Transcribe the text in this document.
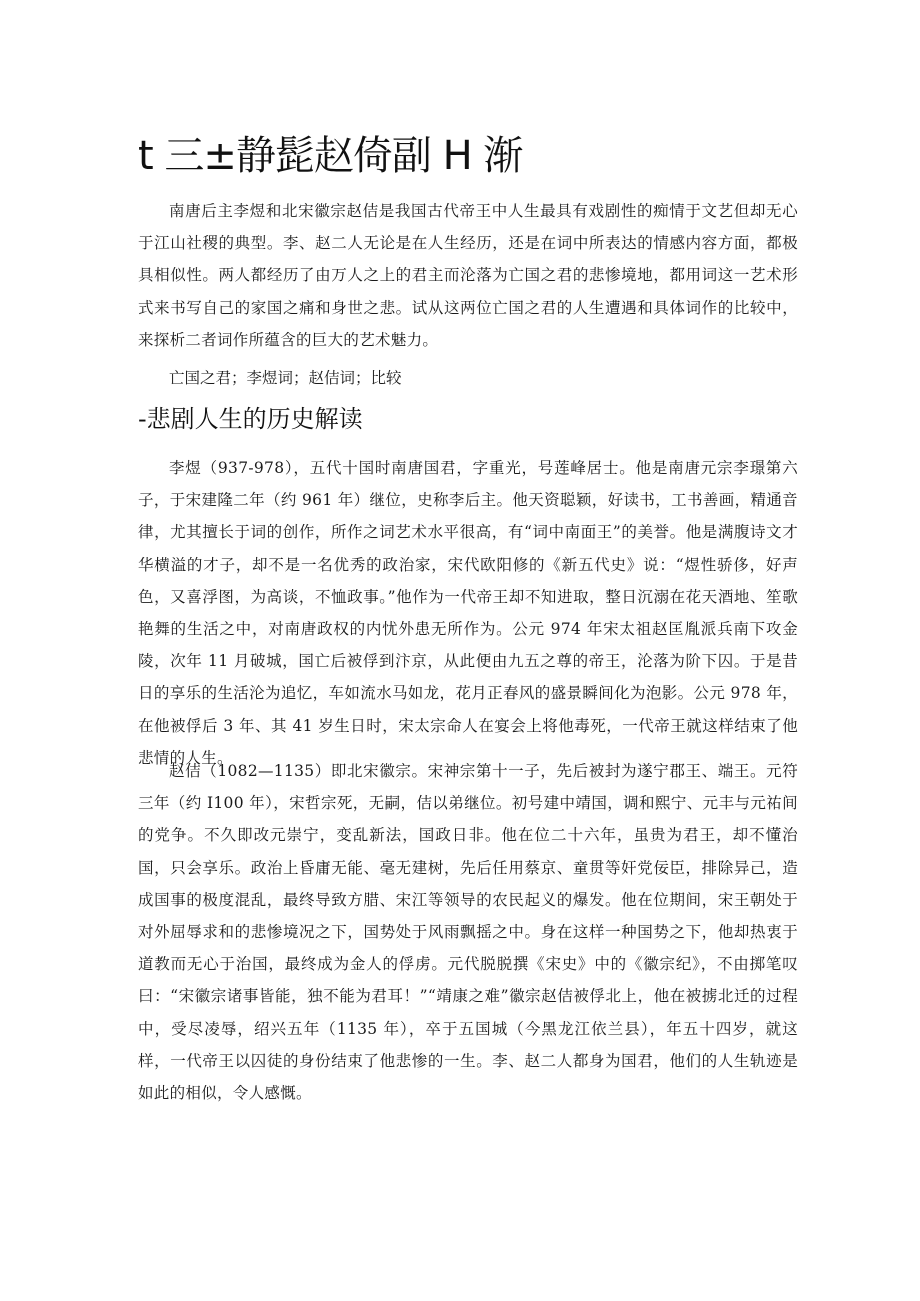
t 三±静髭赵倚副 H 渐

南唐后主李煜和北宋徽宗赵佶是我国古代帝王中人生最具有戏剧性的痴情于文艺但却无心于江山社稷的典型。李、赵二人无论是在人生经历，还是在词中所表达的情感内容方面，都极具相似性。两人都经历了由万人之上的君主而沦落为亡国之君的悲惨境地，都用词这一艺术形式来书写自己的家国之痛和身世之悲。试从这两位亡国之君的人生遭遇和具体词作的比较中，来探析二者词作所蕴含的巨大的艺术魅力。

亡国之君；李煜词；赵佶词；比较
-悲剧人生的历史解读

李煜（937-978），五代十国时南唐国君，字重光，号莲峰居士。他是南唐元宗李璟第六子，于宋建隆二年（约 961 年）继位，史称李后主。他天资聪颖，好读书，工书善画，精通音律，尤其擅长于词的创作，所作之词艺术水平很高，有“词中南面王”的美誉。他是满腹诗文才华横溢的才子，却不是一名优秀的政治家，宋代欧阳修的《新五代史》说：“煜性骄侈，好声色，又喜浮图，为高谈，不恤政事。”他作为一代帝王却不知进取，整日沉溺在花天酒地、笙歌艳舞的生活之中，对南唐政权的内忧外患无所作为。公元 974 年宋太祖赵匡胤派兵南下攻金陵，次年 11 月破城，国亡后被俘到汴京，从此便由九五之尊的帝王，沦落为阶下囚。于是昔日的享乐的生活沦为追忆，车如流水马如龙，花月正春风的盛景瞬间化为泡影。公元 978 年，在他被俘后 3 年、其 41 岁生日时，宋太宗命人在宴会上将他毒死，一代帝王就这样结束了他悲情的人生。

赵佶（1082—1135）即北宋徽宗。宋神宗第十一子，先后被封为遂宁郡王、端王。元符三年（约 I100 年），宋哲宗死，无嗣，佶以弟继位。初号建中靖国，调和熙宁、元丰与元祐间的党争。不久即改元崇宁，变乱新法，国政日非。他在位二十六年，虽贵为君王，却不懂治国，只会享乐。政治上昏庸无能、毫无建树，先后任用蔡京、童贯等奸党佞臣，排除异己，造成国事的极度混乱，最终导致方腊、宋江等领导的农民起义的爆发。他在位期间，宋王朝处于对外屈辱求和的悲惨境况之下，国势处于风雨飘摇之中。身在这样一种国势之下，他却热衷于道教而无心于治国，最终成为金人的俘虏。元代脱脱撰《宋史》中的《徽宗纪》，不由掷笔叹曰：“宋徽宗诸事皆能，独不能为君耳！”“靖康之难”徽宗赵佶被俘北上，他在被掳北迁的过程中，受尽凌辱，绍兴五年（1135 年），卒于五国城（今黑龙江依兰县），年五十四岁，就这样，一代帝王以囚徒的身份结束了他悲惨的一生。李、赵二人都身为国君，他们的人生轨迹是如此的相似，令人感慨。
